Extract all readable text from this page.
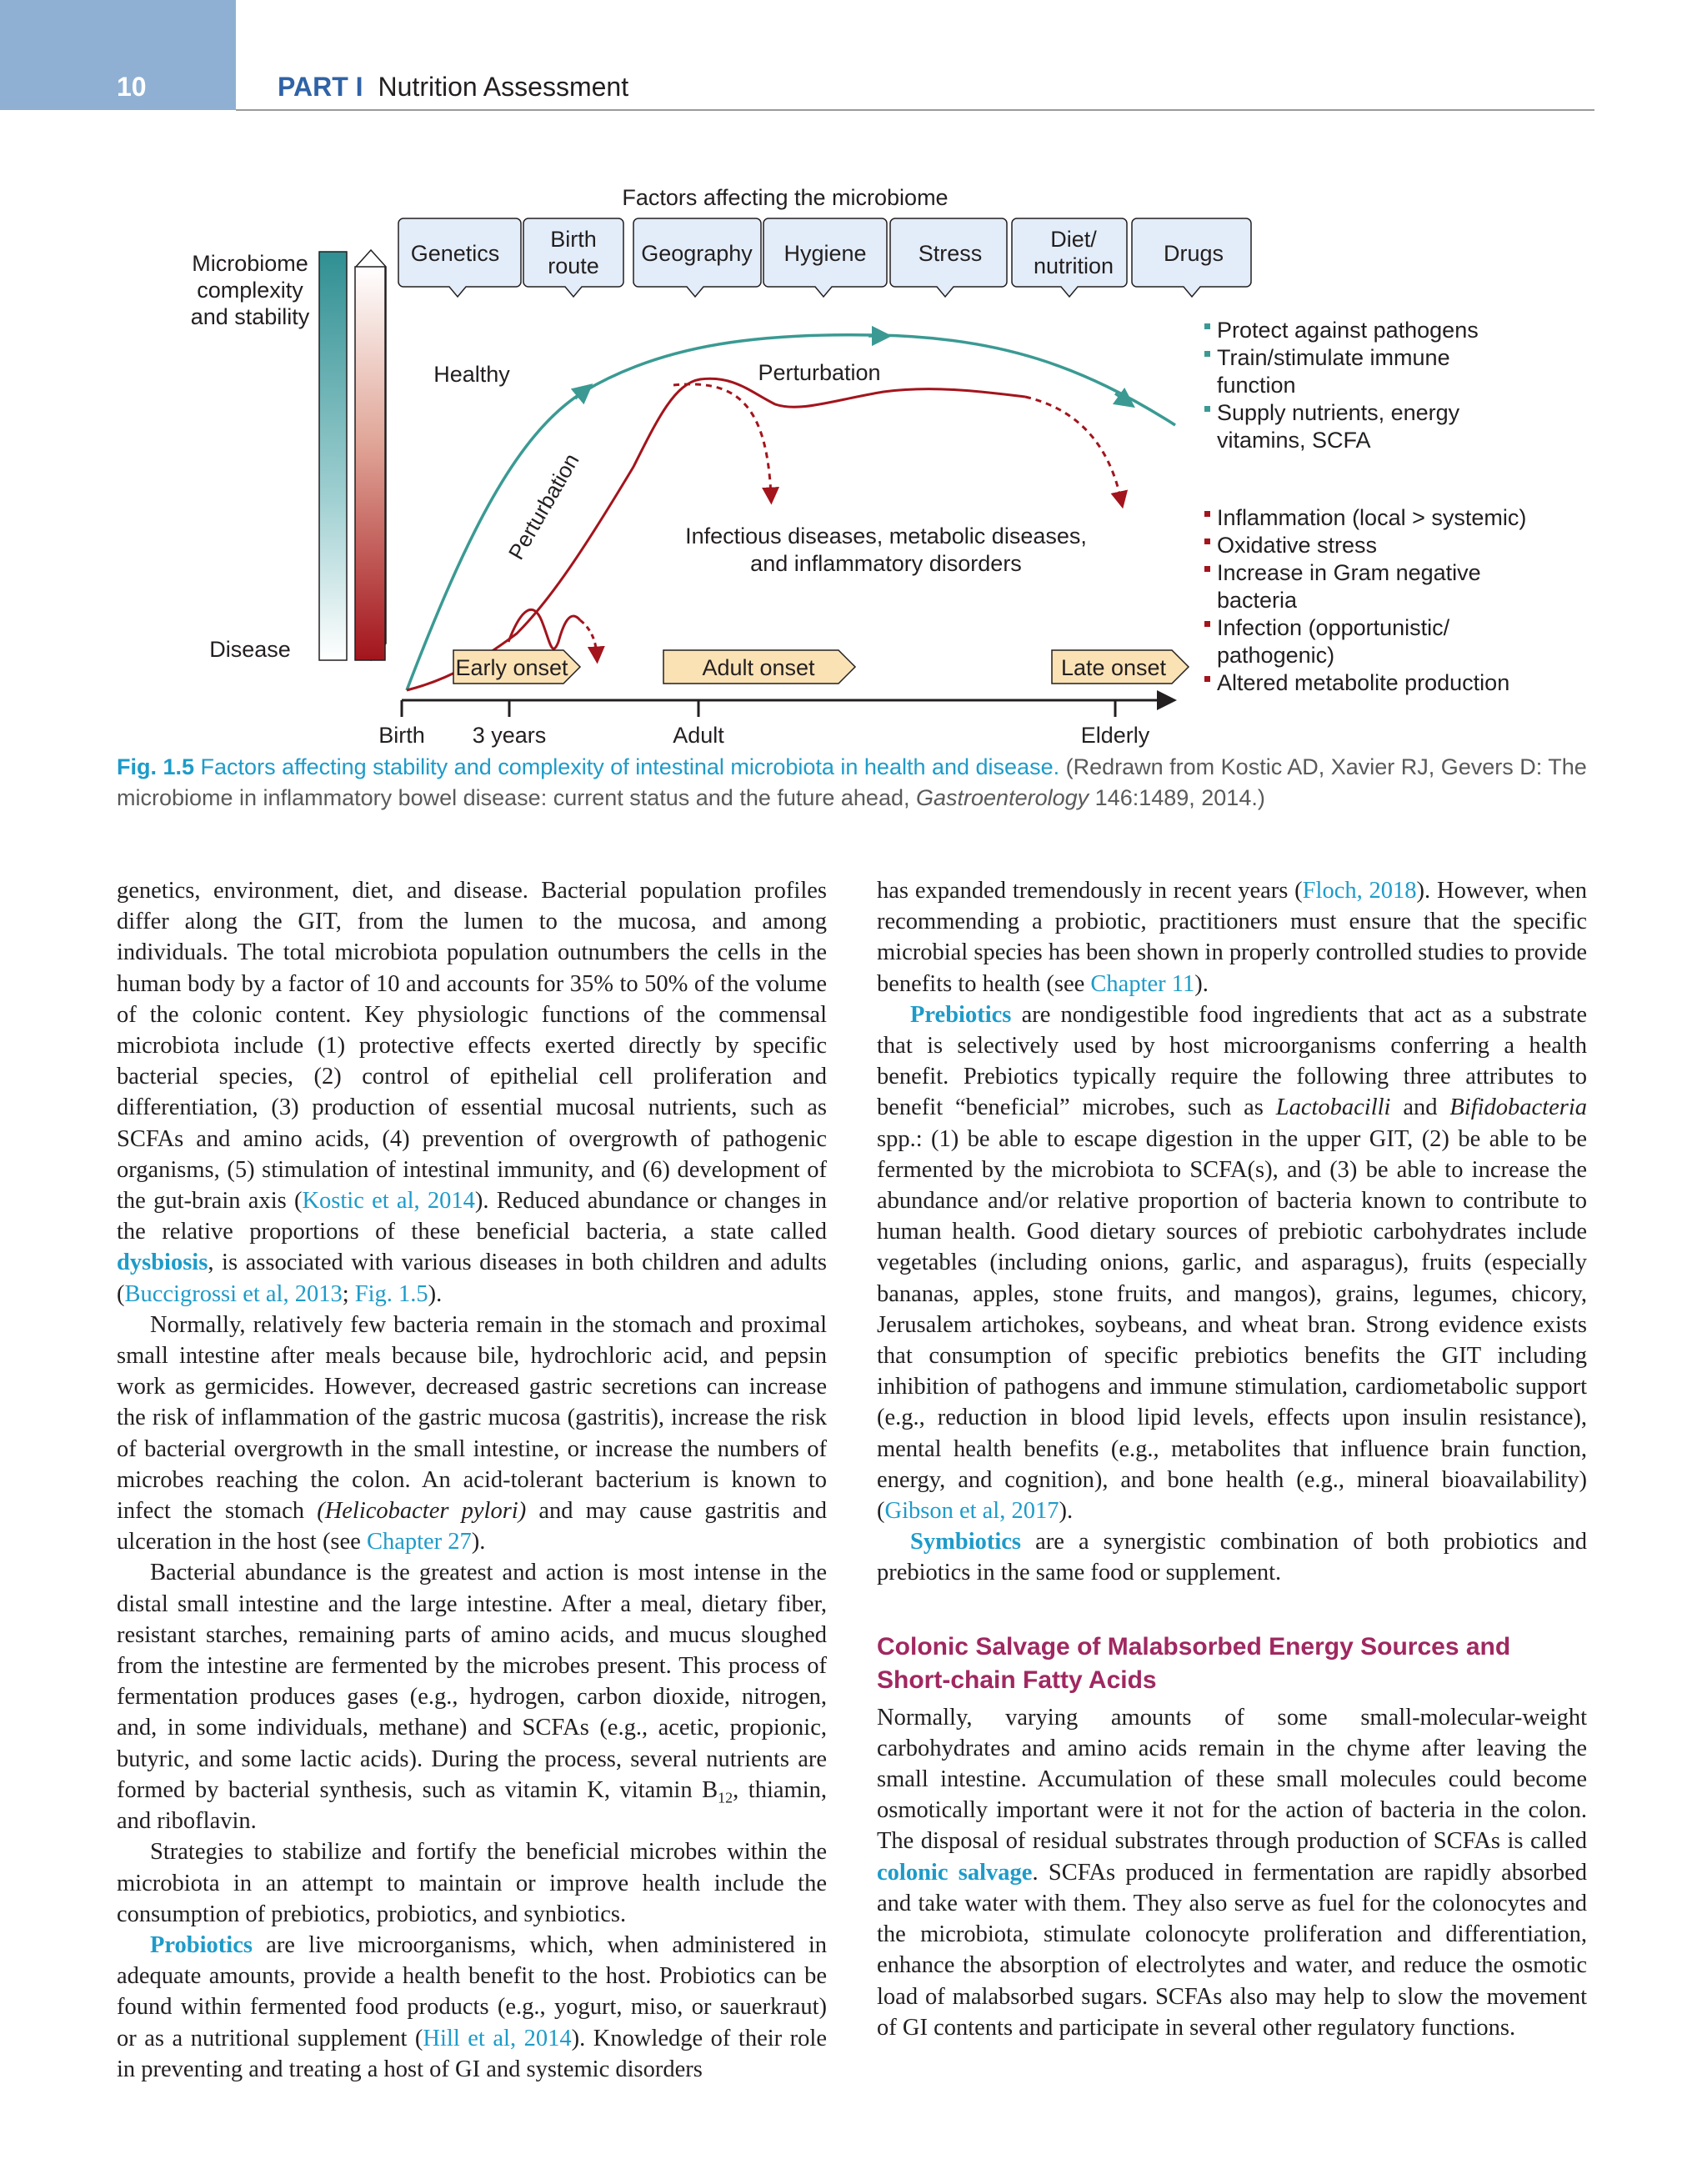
10	PART I Nutrition Assessment
Factors affecting the microbiome
Genetics
Birth route Geography Hygiene Stress
Diet/ nutrition Drugs
Microbiome complexity and stability
Disease
Healthy	Perturbation
Perturbation	Infectious diseases, metabolic diseases, and inflammatory disorders
Early onset	Adult onset	Late onset
Birth 3 years	Adult	Elderly
Protect against pathogens
Train/stimulate immune function
Supply nutrients, energy vitamins, SCFA
Inflammation (local > systemic)
Oxidative stress
Increase in Gram negative bacteria
Infection (opportunistic/ pathogenic)
Altered metabolite production
Fig. 1.5 Factors affecting stability and complexity of intestinal microbiota in health and disease. (Redrawn from Kostic AD, Xavier RJ, Gevers D: The microbiome in inflammatory bowel disease: current status and the future ahead, Gastroenterology 146:1489, 2014.)

genetics, environment, diet, and disease. Bacterial population profiles differ along the GIT, from the lumen to the mucosa, and among individuals. The total microbiota population outnumbers the cells in the human body by a factor of 10 and accounts for 35% to 50% of the volume of the colonic content. Key physiologic functions of the commensal microbiota include (1) protective effects exerted directly by specific bacterial species, (2) control of epithelial cell proliferation and differentiation, (3) production of essential mucosal nutrients, such as SCFAs and amino acids, (4) prevention of overgrowth of pathogenic organisms, (5) stimulation of intestinal immunity, and (6) development of the gut-brain axis (Kostic et al, 2014). Reduced abundance or changes in the relative proportions of these beneficial bacteria, a state called dysbiosis, is associated with various diseases in both children and adults (Buccigrossi et al, 2013; Fig. 1.5).

Normally, relatively few bacteria remain in the stomach and proximal small intestine after meals because bile, hydrochloric acid, and pepsin work as germicides. However, decreased gastric secretions can increase the risk of inflammation of the gastric mucosa (gastritis), increase the risk of bacterial overgrowth in the small intestine, or increase the numbers of microbes reaching the colon. An acid-tolerant bacterium is known to infect the stomach (Helicobacter pylori) and may cause gastritis and ulceration in the host (see Chapter 27).

Bacterial abundance is the greatest and action is most intense in the distal small intestine and the large intestine. After a meal, dietary fiber, resistant starches, remaining parts of amino acids, and mucus sloughed from the intestine are fermented by the microbes present. This process of fermentation produces gases (e.g., hydrogen, carbon dioxide, nitrogen, and, in some individuals, methane) and SCFAs (e.g., acetic, propionic, butyric, and some lactic acids). During the process, several nutrients are formed by bacterial synthesis, such as vitamin K, vitamin $B_{12}$, thiamin, and riboflavin.

Strategies to stabilize and fortify the beneficial microbes within the microbiota in an attempt to maintain or improve health include the consumption of prebiotics, probiotics, and synbiotics.

Probiotics are live microorganisms, which, when administered in adequate amounts, provide a health benefit to the host. Probiotics can be found within fermented food products (e.g., yogurt, miso, or sauerkraut) or as a nutritional supplement (Hill et al, 2014). Knowledge of their role in preventing and treating a host of GI and systemic disorders

has expanded tremendously in recent years (Floch, 2018). However, when recommending a probiotic, practitioners must ensure that the specific microbial species has been shown in properly controlled studies to provide benefits to health (see Chapter 11).

Prebiotics are nondigestible food ingredients that act as a substrate that is selectively used by host microorganisms conferring a health benefit. Prebiotics typically require the following three attributes to benefit “beneficial” microbes, such as Lactobacilli and Bifidobacteria spp.: (1) be able to escape digestion in the upper GIT, (2) be able to be fermented by the microbiota to SCFA(s), and (3) be able to increase the abundance and/or relative proportion of bacteria known to contribute to human health. Good dietary sources of prebiotic carbohydrates include vegetables (including onions, garlic, and asparagus), fruits (especially bananas, apples, stone fruits, and mangos), grains, legumes, chicory, Jerusalem artichokes, soybeans, and wheat bran. Strong evidence exists that consumption of specific prebiotics benefits the GIT including inhibition of pathogens and immune stimulation, cardiometabolic support (e.g., reduction in blood lipid levels, effects upon insulin resistance), mental health benefits (e.g., metabolites that influence brain function, energy, and cognition), and bone health (e.g., mineral bioavailability) (Gibson et al, 2017).

Symbiotics are a synergistic combination of both probiotics and prebiotics in the same food or supplement.

Colonic Salvage of Malabsorbed Energy Sources and Short-chain Fatty Acids

Normally, varying amounts of some small-molecular-weight carbohydrates and amino acids remain in the chyme after leaving the small intestine. Accumulation of these small molecules could become osmotically important were it not for the action of bacteria in the colon. The disposal of residual substrates through production of SCFAs is called colonic salvage. SCFAs produced in fermentation are rapidly absorbed and take water with them. They also serve as fuel for the colonocytes and the microbiota, stimulate colonocyte proliferation and differentiation, enhance the absorption of electrolytes and water, and reduce the osmotic load of malabsorbed sugars. SCFAs also may help to slow the movement of GI contents and participate in several other regulatory functions.
